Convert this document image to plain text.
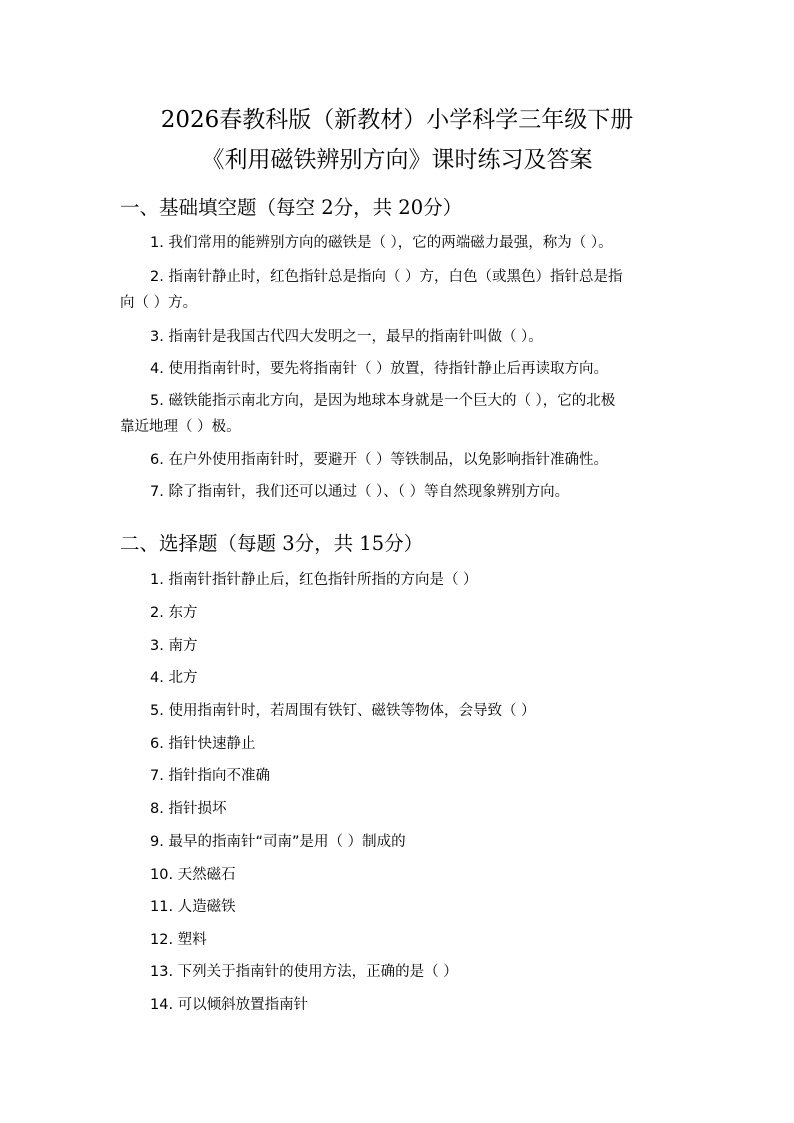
2026春教科版（新教材）小学科学三年级下册
《利用磁铁辨别方向》课时练习及答案
一、基础填空题（每空 2分，共 20分）
1. 我们常用的能辨别方向的磁铁是（ ），它的两端磁力最强，称为（ ）。
2. 指南针静止时，红色指针总是指向（ ）方，白色（或黑色）指针总是指
向（ ）方。
3. 指南针是我国古代四大发明之一，最早的指南针叫做（ ）。
4. 使用指南针时，要先将指南针（ ）放置，待指针静止后再读取方向。
5. 磁铁能指示南北方向，是因为地球本身就是一个巨大的（ ），它的北极
靠近地理（ ）极。
6. 在户外使用指南针时，要避开（ ）等铁制品，以免影响指针准确性。
7. 除了指南针，我们还可以通过（ ）、（ ）等自然现象辨别方向。
二、选择题（每题 3分，共 15分）
1. 指南针指针静止后，红色指针所指的方向是（ ）
2. 东方
3. 南方
4. 北方
5. 使用指南针时，若周围有铁钉、磁铁等物体，会导致（ ）
6. 指针快速静止
7. 指针指向不准确
8. 指针损坏
9. 最早的指南针“司南”是用（ ）制成的
10. 天然磁石
11. 人造磁铁
12. 塑料
13. 下列关于指南针的使用方法，正确的是（ ）
14. 可以倾斜放置指南针
